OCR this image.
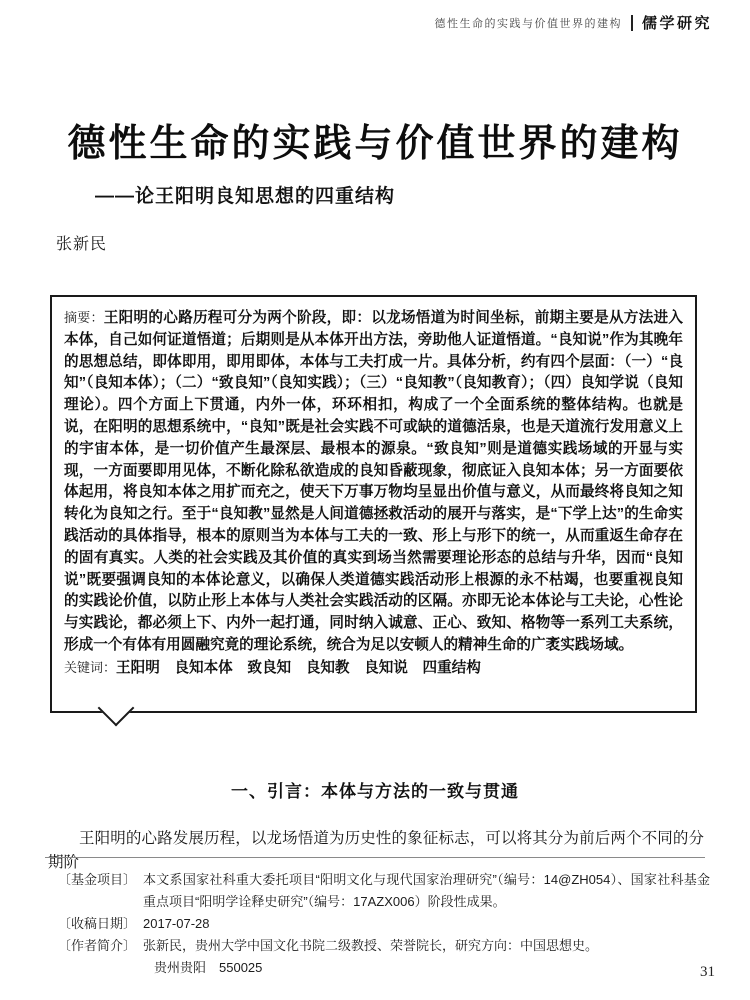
德性生命的实践与价值世界的建构 儒学研究
德性生命的实践与价值世界的建构
——论王阳明良知思想的四重结构
张新民
摘要：王阳明的心路历程可分为两个阶段，即：以龙场悟道为时间坐标，前期主要是从方法进入本体，自己如何证道悟道；后期则是从本体开出方法，旁助他人证道悟道。“良知说”作为其晚年的思想总结，即体即用，即用即体，本体与工夫打成一片。具体分析，约有四个层面：（一）“良知”（良知本体）；（二）“致良知”（良知实践）；（三）“良知教”（良知教育）；（四）良知学说（良知理论）。四个方面上下贯通，内外一体，环环相扣，构成了一个全面系统的整体结构。也就是说，在阳明的思想系统中，“良知”既是社会实践不可或缺的道德活泉，也是天道流行发用意义上的宇宙本体，是一切价值产生最深层、最根本的源泉。“致良知”则是道德实践场域的开显与实现，一方面要即用见体，不断化除私欲造成的良知昏蔽现象，彻底证入良知本体；另一方面要依体起用，将良知本体之用扩而充之，使天下万事万物均呈显出价值与意义，从而最终将良知之知转化为良知之行。至于“良知教”显然是人间道德拯救活动的展开与落实，是“下学上达”的生命实践活动的具体指导，根本的原则当为本体与工夫的一致、形上与形下的统一，从而重返生命存在的固有真实。人类的社会实践及其价值的真实到场当然需要理论形态的总结与升华，因而“良知说”既要强调良知的本体论意义，以确保人类道德实践活动形上根源的永不枯竭，也要重视良知的实践论价值，以防止形上本体与人类社会实践活动的区隔。亦即无论本体论与工夫论，心性论与实践论，都必须上下、内外一起打通，同时纳入诚意、正心、致知、格物等一系列工夫系统，形成一个有体有用圆融究竟的理论系统，统合为足以安顿人的精神生命的广袤实践场域。
关键词：王阳明　良知本体　致良知　良知教　良知说　四重结构
一、引言：本体与方法的一致与贯通
王阳明的心路发展历程，以龙场悟道为历史性的象征标志，可以将其分为前后两个不同的分期阶
〔基金项目〕 本文系国家社科重大委托项目“阳明文化与现代国家治理研究”（编号：14@ZH054）、国家社科基金重点项目“阳明学诠释史研究”（编号：17AZX006）阶段性成果。
〔收稿日期〕 2017-07-28
〔作者简介〕 张新民，贵州大学中国文化书院二级教授、荣誉院长，研究方向：中国思想史。
贵州贵阳　550025	31
